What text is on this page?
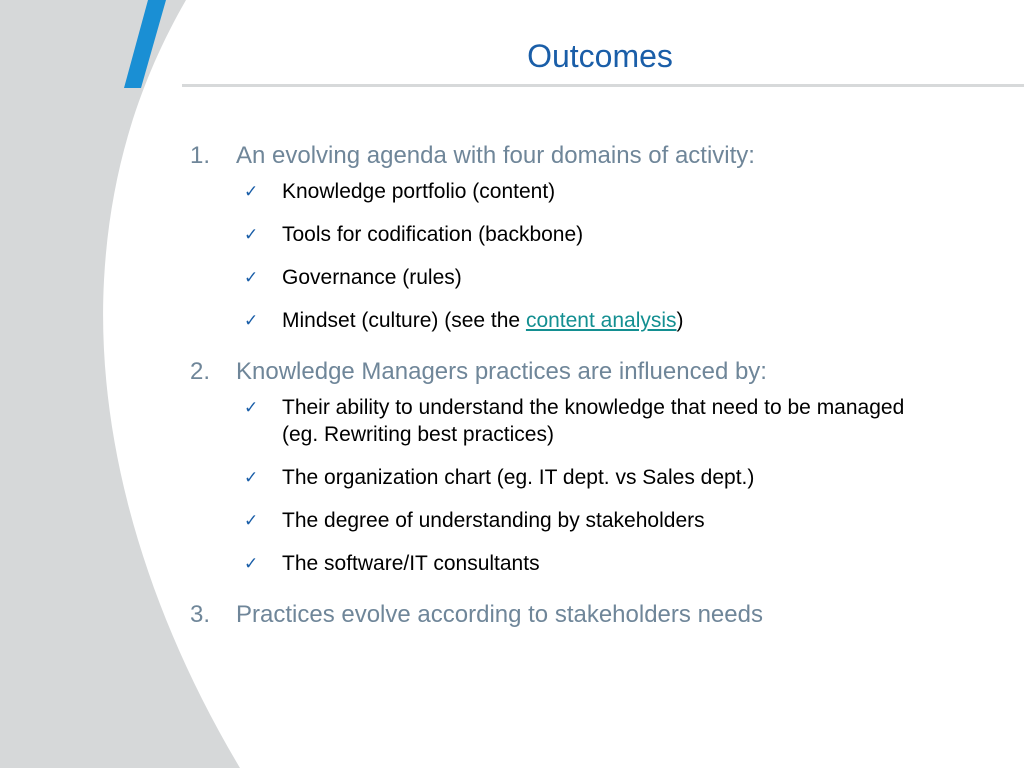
Outcomes
1.	An evolving agenda with four domains of activity:
✓	Knowledge portfolio (content)
✓	Tools for codification (backbone)
✓	Governance (rules)
✓	Mindset (culture) (see the content analysis)
2.	Knowledge Managers practices are influenced by:
✓	Their ability to understand the knowledge that need to be managed (eg. Rewriting best practices)
✓	The organization chart (eg. IT dept. vs Sales dept.)
✓	The degree of understanding by stakeholders
✓	The software/IT consultants
3.	Practices evolve according to stakeholders needs
